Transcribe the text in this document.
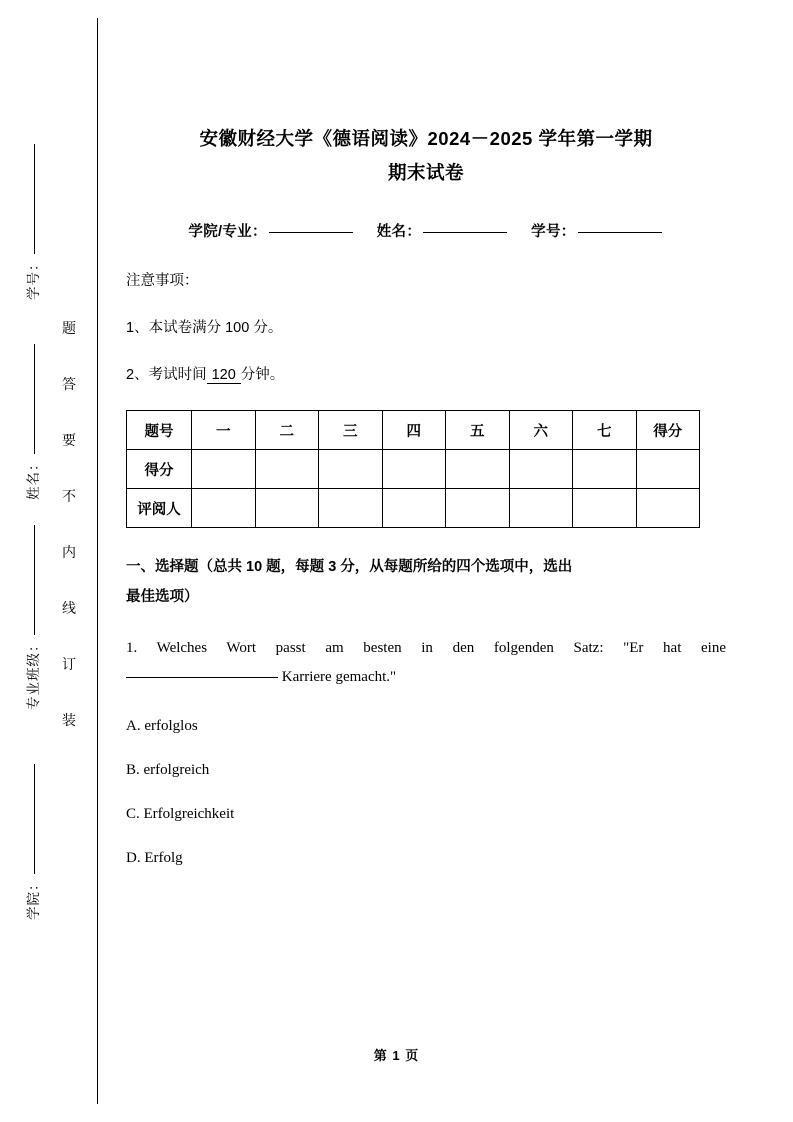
题
答
要
不
内
线
订
装
学号：
姓名：
专业班级：
学院：
安徽财经大学《德语阅读》2024－2025 学年第一学期
期末试卷
学院/专业：	姓名：	学号：
注意事项：
1、本试卷满分 100 分。
2、考试时间 120 分钟。
题号	一	二	三	四	五	六	七	得分
得分								
评阅人								
一、选择题（总共 10 题，每题 3 分，从每题所给的四个选项中，选出
最佳选项）
1. Welches Wort passt am besten in den folgenden Satz: "Er hat eine
Karriere gemacht."
A. erfolglos
B. erfolgreich
C. Erfolgreichkeit
D. Erfolg
第 1 页
